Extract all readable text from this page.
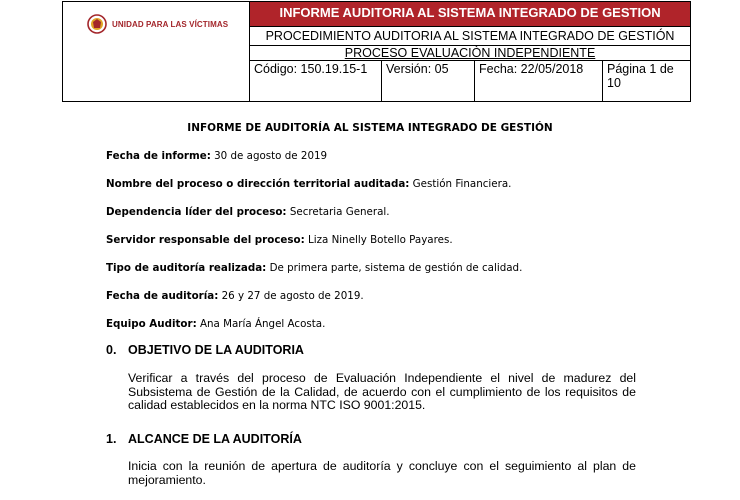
UNIDAD PARA LAS VÍCTIMAS	INFORME AUDITORIA AL SISTEMA INTEGRADO DE GESTION			
	PROCEDIMIENTO AUDITORIA AL SISTEMA INTEGRADO DE GESTIÓN			
	PROCESO EVALUACIÒN INDEPENDIENTE			
	Código: 150.19.15-1	Versión: 05	Fecha: 22/05/2018	Página 1 de 10
INFORME DE AUDITORÍA AL SISTEMA INTEGRADO DE GESTIÓN
Fecha de informe: 30 de agosto de 2019
Nombre del proceso o dirección territorial auditada: Gestión Financiera.
Dependencia líder del proceso: Secretaria General.
Servidor responsable del proceso: Liza Ninelly Botello Payares.
Tipo de auditoría realizada: De primera parte, sistema de gestión de calidad.
Fecha de auditoría: 26 y 27 de agosto de 2019.
Equipo Auditor: Ana María Ángel Acosta.
0. OBJETIVO DE LA AUDITORIA
Verificar a través del proceso de Evaluación Independiente el nivel de madurez del Subsistema de Gestión de la Calidad, de acuerdo con el cumplimiento de los requisitos de calidad establecidos en la norma NTC ISO 9001:2015.
1. ALCANCE DE LA AUDITORÍA
Inicia con la reunión de apertura de auditoría y concluye con el seguimiento al plan de mejoramiento.
